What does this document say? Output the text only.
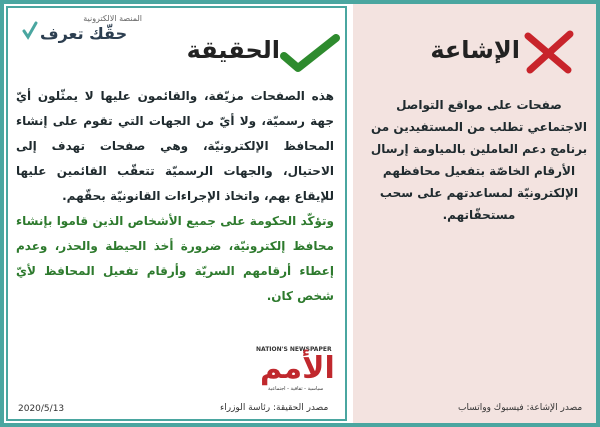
المنصة الالكترونية
حقّك تعرف
الحقيقة	الإشاعة

هذه الصفحات مزيّفة، والقائمون عليها لا يمثّلون أيّ جهة رسميّة، ولا أيّ من الجهات التي تقوم على إنشاء المحافظ الإلكترونيّة، وهي صفحات تهدف إلى الاحتيال، والجهات الرسميّة تتعقّب القائمين عليها للإيقاع بهم، واتخاذ الإجراءات القانونيّة بحقّهم.

وتؤكّد الحكومة على جميع الأشخاص الذين قاموا بإنشاء محافظ إلكترونيّة، ضرورة أخذ الحيطة والحذر، وعدم إعطاء أرقامهم السريّة وأرقام تفعيل المحافظ لأيّ شخص كان.

صفحات على مواقع التواصل الاجتماعي تطلب من المستفيدين من برنامج دعم العاملين بالمياومة إرسال الأرقام الخاصّة بتفعيل محافظهم الإلكترونيّة لمساعدتهم على سحب مستحقّاتهم.
NATION'S NEWSPAPER
الأمم
سياسية - ثقافية - اجتماعية
2020/5/13	مصدر الحقيقة: رئاسة الوزراء	مصدر الإشاعة: فيسبوك وواتساب
